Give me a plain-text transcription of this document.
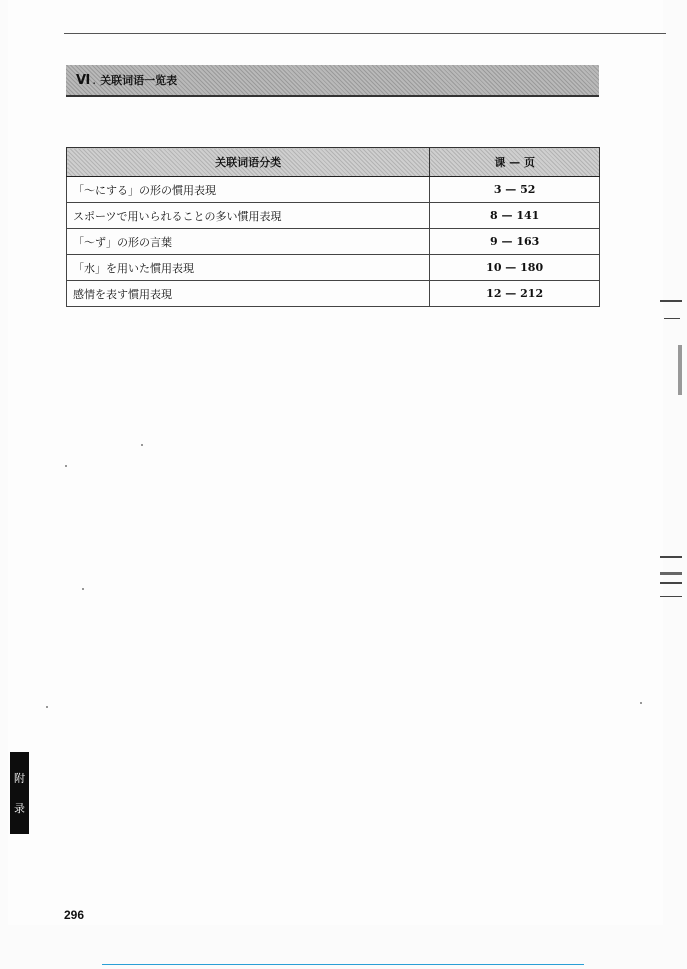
Ⅵ . 关联词语一览表
关联词语分类	课 — 页
「〜にする」の形の慣用表現	3 — 52
スポーツで用いられることの多い慣用表現	8 — 141
「〜ず」の形の言葉	9 — 163
「水」を用いた慣用表現	10 — 180
感情を表す慣用表現	12 — 212
附
录
296
